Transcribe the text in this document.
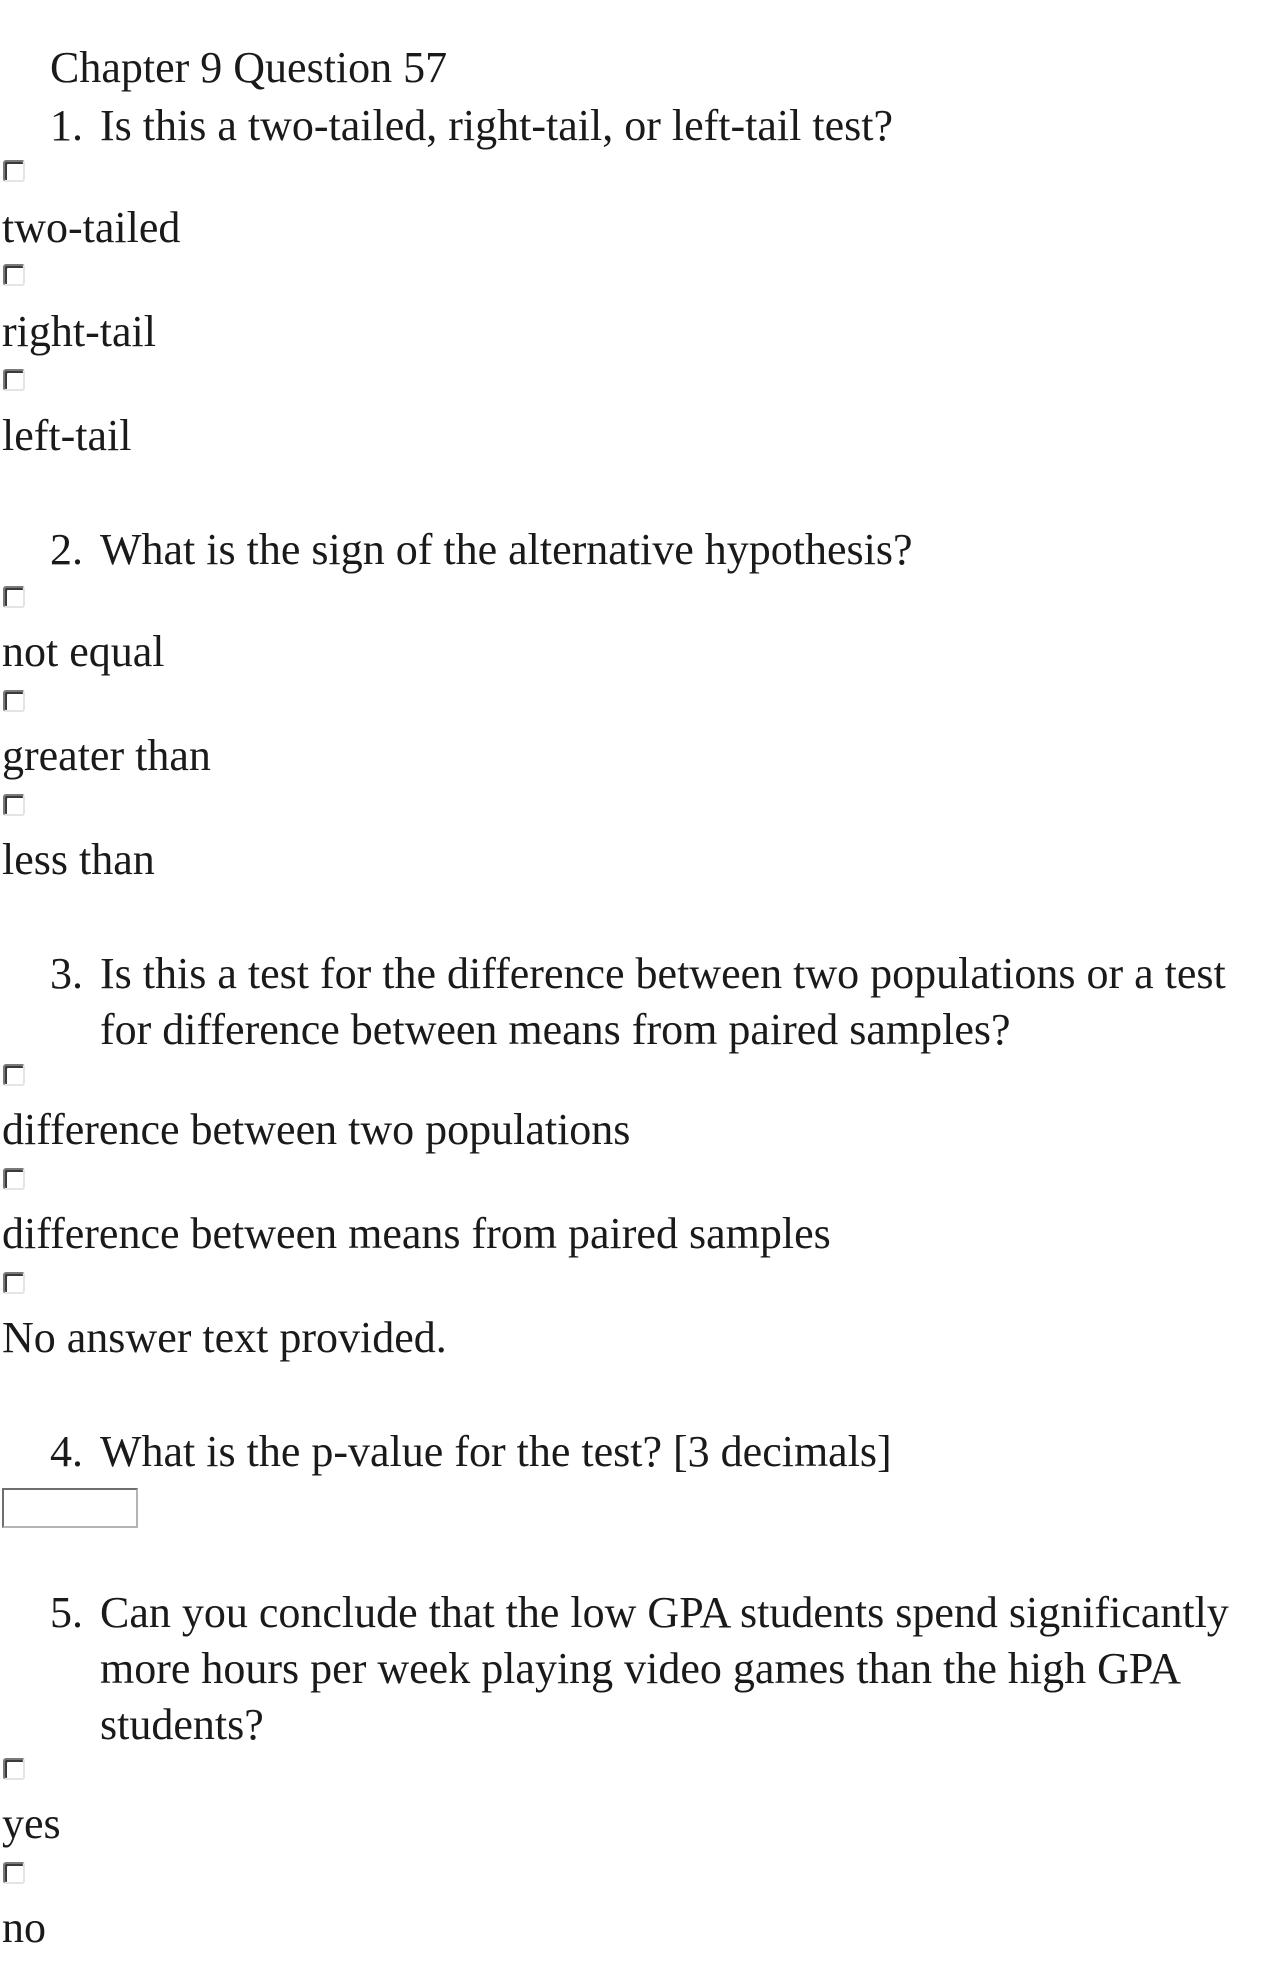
Chapter 9 Question 57
1. Is this a two-tailed, right-tail, or left-tail test?
two-tailed
right-tail
left-tail
2. What is the sign of the alternative hypothesis?
not equal
greater than
less than
3. Is this a test for the difference between two populations or a test for difference between means from paired samples?
difference between two populations
difference between means from paired samples
No answer text provided.
4. What is the p-value for the test? [3 decimals]
5. Can you conclude that the low GPA students spend significantly more hours per week playing video games than the high GPA students?
yes
no
